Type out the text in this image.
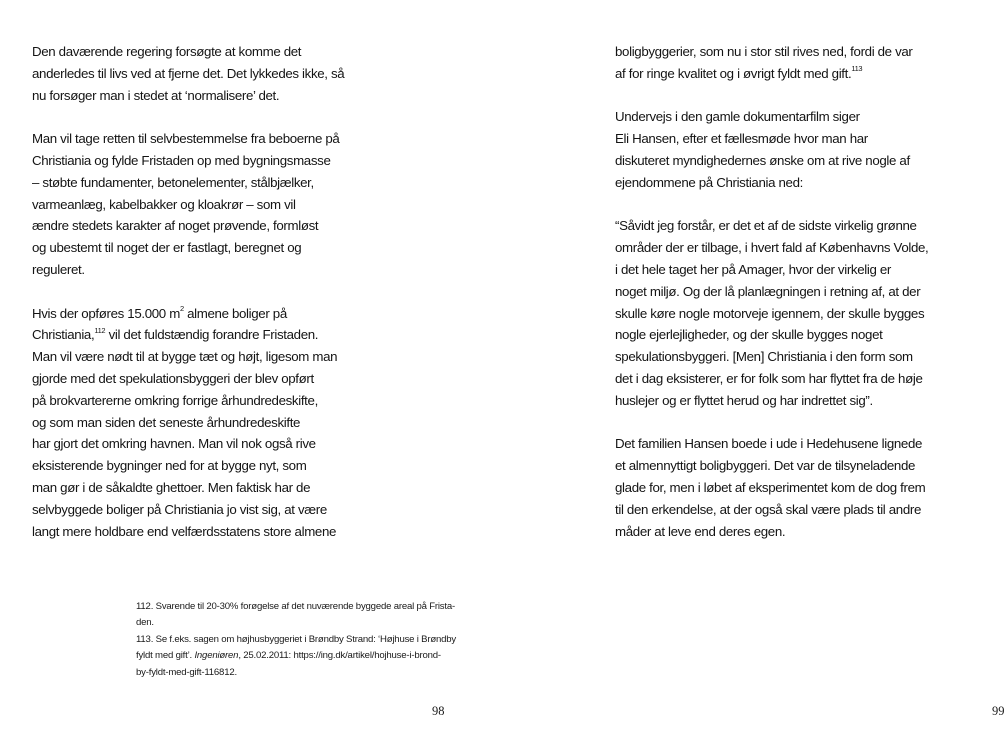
Den daværende regering forsøgte at komme det
anderledes til livs ved at fjerne det. Det lykkedes ikke, så
nu forsøger man i stedet at ‘normalisere’ det.
Man vil tage retten til selvbestemmelse fra beboerne på
Christiania og fylde Fristaden op med bygningsmasse
– støbte fundamenter, betonelementer, stålbjælker,
varmeanlæg, kabelbakker og kloakrør – som vil
ændre stedets karakter af noget prøvende, formløst
og ubestemt til noget der er fastlagt, beregnet og
reguleret.
Hvis der opføres 15.000 $m^2$ almene boliger på
Christiania,$^{112}$ vil det fuldstændig forandre Fristaden.
Man vil være nødt til at bygge tæt og højt, ligesom man
gjorde med det spekulationsbyggeri der blev opført
på brokvartererne omkring forrige århundredeskifte,
og som man siden det seneste århundredeskifte
har gjort det omkring havnen. Man vil nok også rive
eksisterende bygninger ned for at bygge nyt, som
man gør i de såkaldte ghettoer. Men faktisk har de
selvbyggede boliger på Christiania jo vist sig, at være
langt mere holdbare end velfærdsstatens store almene
112. Svarende til 20-30% forøgelse af det nuværende byggede areal på Frista-
den.
113. Se f.eks. sagen om højhusbyggeriet i Brøndby Strand: ‘Højhuse i Brøndby
fyldt med gift’. Ingeniøren, 25.02.2011: https://ing.dk/artikel/hojhuse-i-brond-
by-fyldt-med-gift-116812.
98
boligbyggerier, som nu i stor stil rives ned, fordi de var
af for ringe kvalitet og i øvrigt fyldt med gift.$^{113}$
Undervejs i den gamle dokumentarfilm siger
Eli Hansen, efter et fællesmøde hvor man har
diskuteret myndighedernes ønske om at rive nogle af
ejendommene på Christiania ned:
“Såvidt jeg forstår, er det et af de sidste virkelig grønne
områder der er tilbage, i hvert fald af Københavns Volde,
i det hele taget her på Amager, hvor der virkelig er
noget miljø. Og der lå planlægningen i retning af, at der
skulle køre nogle motorveje igennem, der skulle bygges
nogle ejerlejligheder, og der skulle bygges noget
spekulationsbyggeri. [Men] Christiania i den form som
det i dag eksisterer, er for folk som har flyttet fra de høje
huslejer og er flyttet herud og har indrettet sig”.
Det familien Hansen boede i ude i Hedehusene lignede
et almennyttigt boligbyggeri. Det var de tilsyneladende
glade for, men i løbet af eksperimentet kom de dog frem
til den erkendelse, at der også skal være plads til andre
måder at leve end deres egen.
99
